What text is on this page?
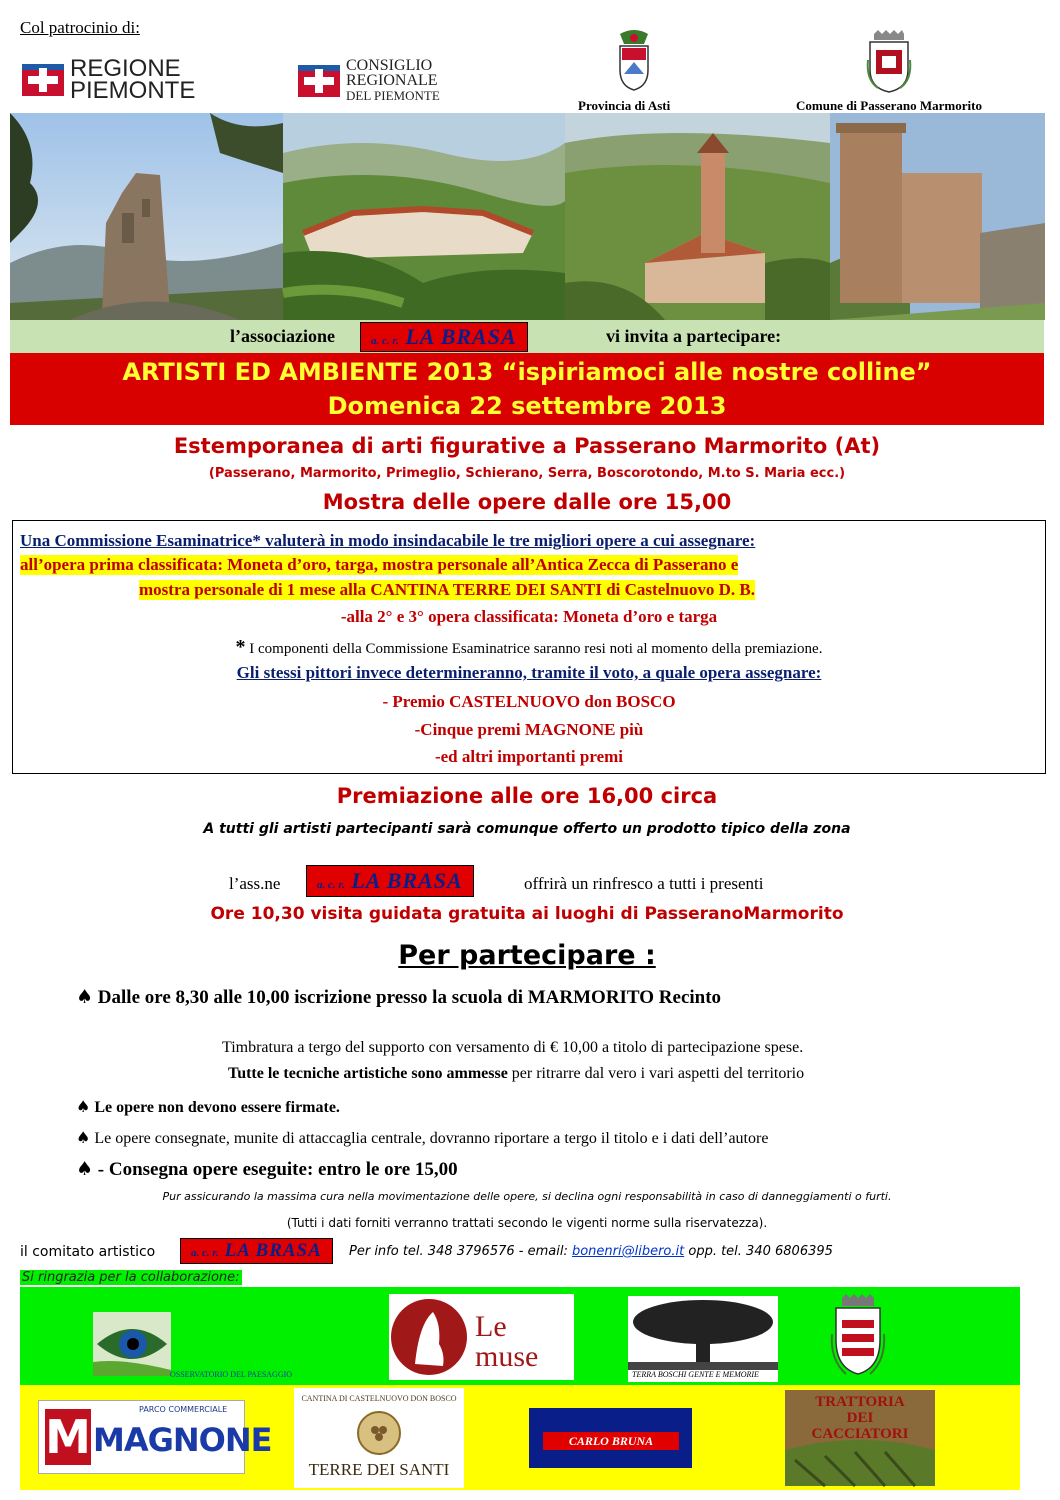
Col patrocinio di:
REGIONE
PIEMONTE
CONSIGLIO
REGIONALE
DEL PIEMONTE
Provincia di Asti	Comune di Passerano Marmorito
l’associazione	a. c. r. LA BRASA	vi invita a partecipare:
ARTISTI ED AMBIENTE 2013 “ispiriamoci alle nostre colline”
Domenica 22 settembre 2013
Estemporanea di arti figurative a Passerano Marmorito (At)
(Passerano, Marmorito, Primeglio, Schierano, Serra, Boscorotondo, M.to S. Maria ecc.)
Mostra delle opere dalle ore 15,00
Una Commissione Esaminatrice* valuterà in modo insindacabile le tre migliori opere a cui assegnare:
all’opera prima classificata: Moneta d’oro, targa, mostra personale all’Antica Zecca di Passerano e
mostra personale di 1 mese alla CANTINA TERRE DEI SANTI di Castelnuovo D. B.
-alla 2° e 3° opera classificata: Moneta d’oro e targa
* I componenti della Commissione Esaminatrice saranno resi noti al momento della premiazione.
Gli stessi pittori invece determineranno, tramite il voto, a quale opera assegnare:
- Premio CASTELNUOVO don BOSCO
-Cinque premi MAGNONE più
-ed altri importanti premi
Premiazione alle ore 16,00 circa
A tutti gli artisti partecipanti sarà comunque offerto un prodotto tipico della zona
l’ass.ne	a. c. r. LA BRASA	offrirà un rinfresco a tutti i presenti
Ore 10,30 visita guidata gratuita ai luoghi di PasseranoMarmorito
Per partecipare :
♠ Dalle ore 8,30 alle 10,00 iscrizione presso la scuola di MARMORITO Recinto
Timbratura a tergo del supporto con versamento di € 10,00 a titolo di partecipazione spese.
Tutte le tecniche artistiche sono ammesse per ritrarre dal vero i vari aspetti del territorio
♠ Le opere non devono essere firmate.
♠ Le opere consegnate, munite di attaccaglia centrale, dovranno riportare a tergo il titolo e i dati dell’autore
♠ - Consegna opere eseguite: entro le ore 15,00
Pur assicurando la massima cura nella movimentazione delle opere, si declina ogni responsabilità in caso di danneggiamenti o furti.
(Tutti i dati forniti verranno trattati secondo le vigenti norme sulla riservatezza).
il comitato artistico	a. c. r. LA BRASA	Per info tel. 348 3796576 - email: bonenri@libero.it opp. tel. 340 6806395
Si ringrazia per la collaborazione:
OSSERVATORIO DEL PAESAGGIO
Le muse
TERRA BOSCHI GENTE E MEMORIE
PARCO COMMERCIALE
M MAGNONE
CANTINA DI CASTELNUOVO DON BOSCO
TERRE DEI SANTI
CARLO BRUNA
TRATTORIA
DEI
CACCIATORI
